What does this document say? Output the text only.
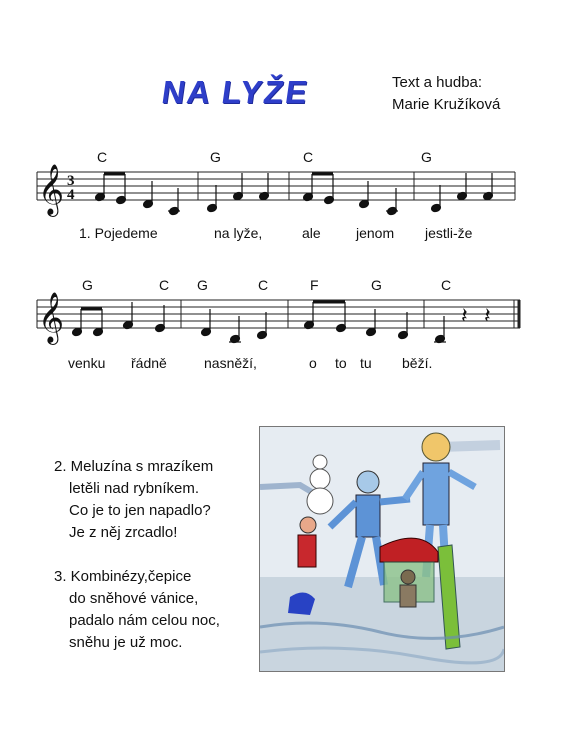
NA LYŽE	Text a hudba:
Marie Kružíková
𝄞 3
4
C	G	C	G
1. Pojedeme	na lyže,	ale	jenom jestli-že
𝄞
G	C G	C	F	G	C
𝄽 𝄽
venku řádně	nasněží,	o to tu běží.
2. Meluzína s mrazíkem
letěli nad rybníkem.
Co je to jen napadlo?
Je z něj zrcadlo!
3. Kombinézy,čepice
do sněhové vánice,
padalo nám celou noc,
sněhu je už moc.
